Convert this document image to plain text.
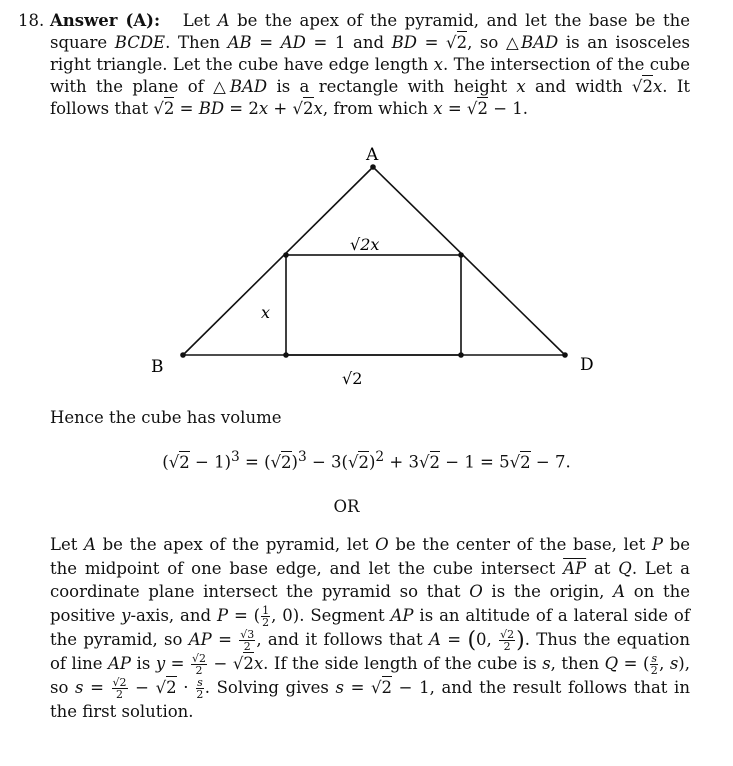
18. Answer (A):   Let A be the apex of the pyramid, and let the base be the square BCDE. Then AB = AD = 1 and BD = √2, so △BAD is an isosceles right triangle. Let the cube have edge length x. The intersection of the cube with the plane of △BAD is a rectangle with height x and width √2x. It follows that √2 = BD = 2x + √2x, from which x = √2 − 1.
A
B	D
√2x
x
√2
Hence the cube has volume
$(√2 - 1)^3 = (√2)^3 - 3(√2)^2 + 3√2 - 1 = 5√2 - 7$.
OR
Let A be the apex of the pyramid, let O be the center of the base, let P be the midpoint of one base edge, and let the cube intersect $\overline{AP}$ at Q. Let a coordinate plane intersect the pyramid so that O is the origin, A on the positive y-axis, and P = ( $\frac{1}{2}$ , 0). Segment AP is an altitude of a lateral side of the pyramid, so AP = $\frac{√3}{2}$ , and it follows that A = (0, $\frac{√2}{2}$ ). Thus the equation of line AP is $y = \frac{√2}{2} - √2x$. If the side length of the cube is s, then Q = ( $\frac{s}{2}$ , s), so $s = \frac{√2}{2} - √2 \cdot \frac{s}{2}$ . Solving gives s = √2 − 1, and the result follows that in the first solution.
